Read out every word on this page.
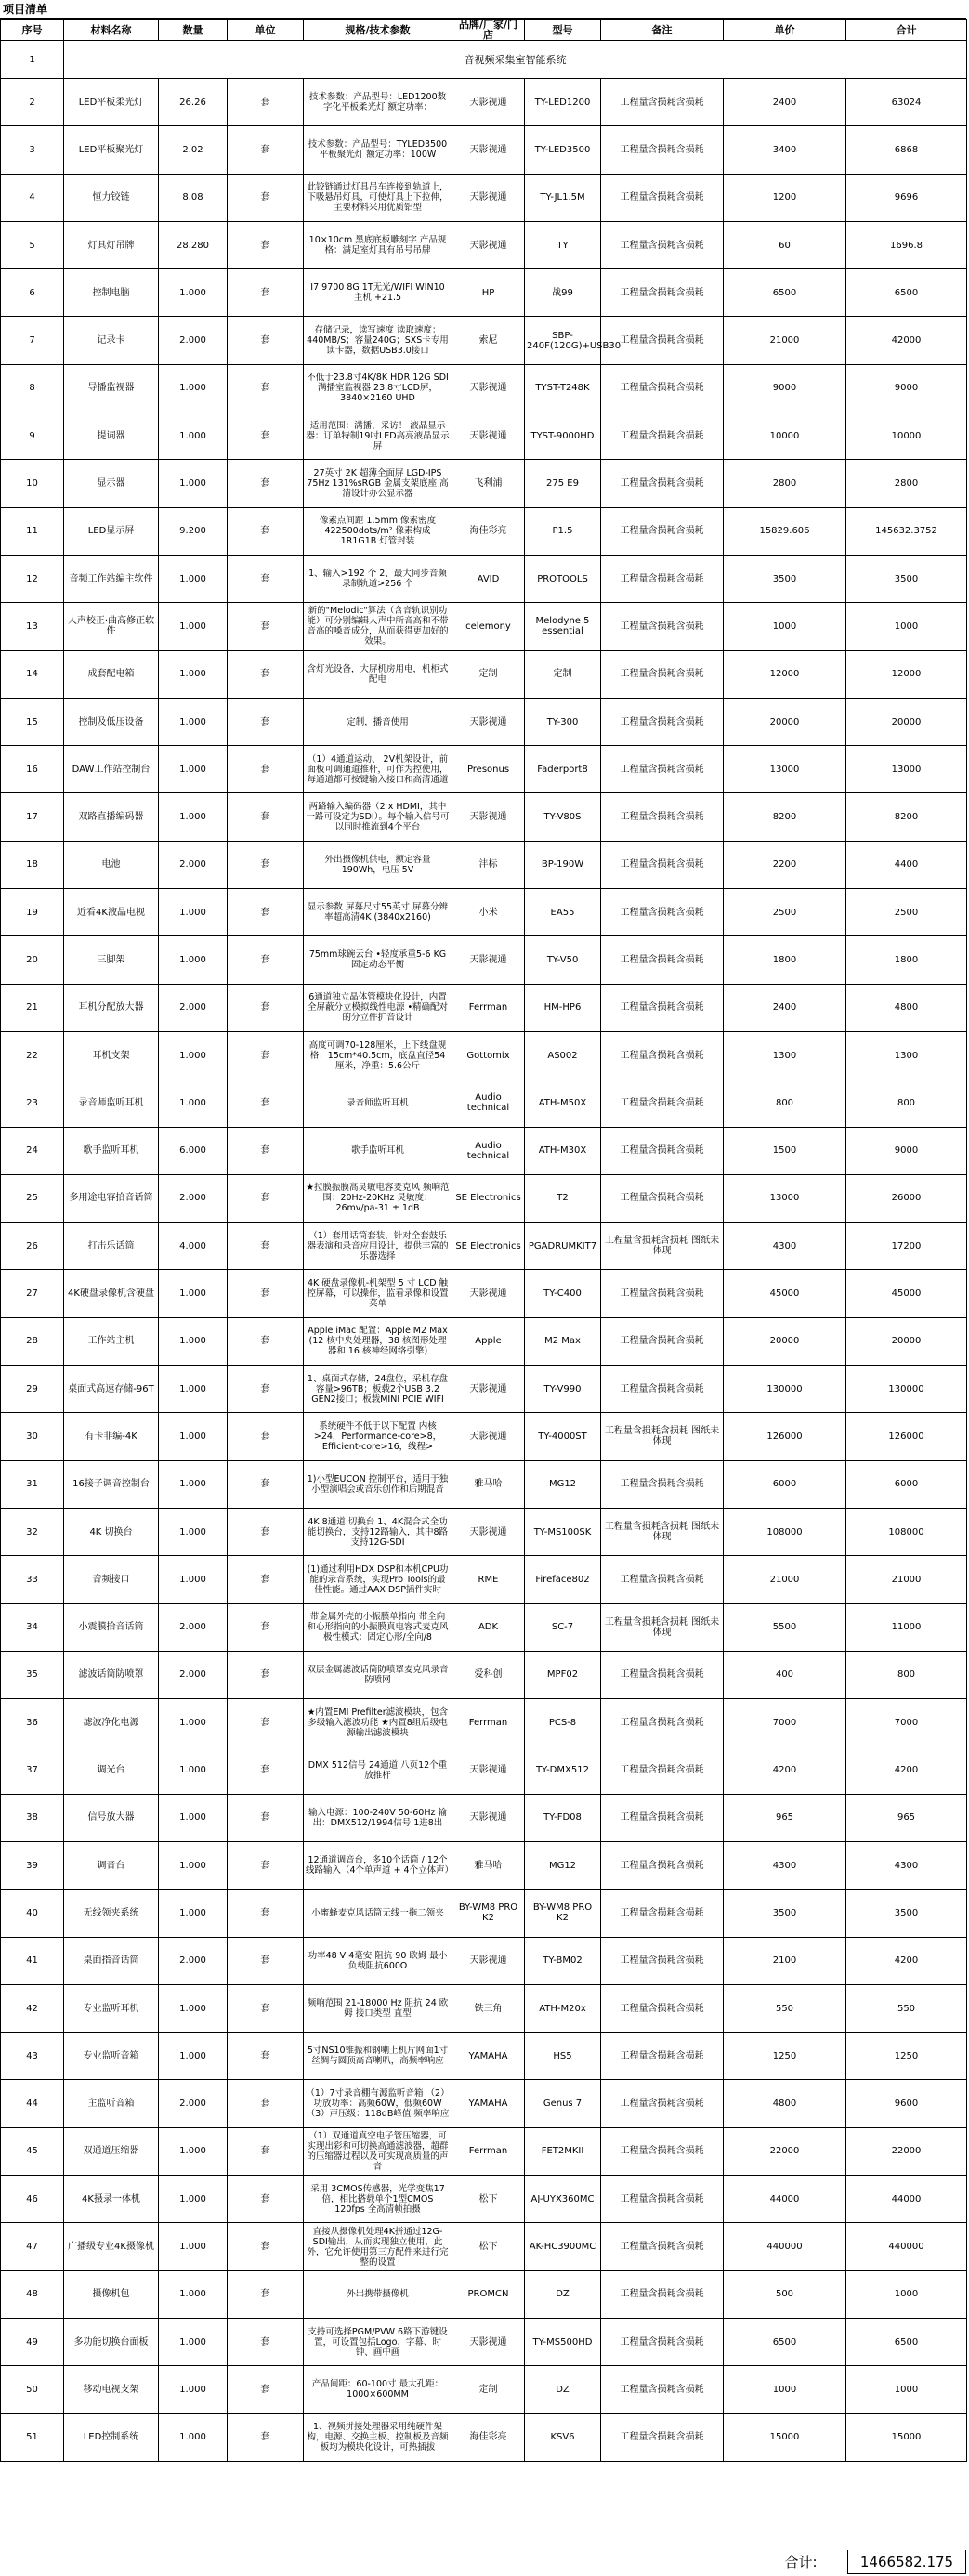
项目清单
序号	材料名称	数量	单位	规格/技术参数	品牌/厂家/门店	型号	备注	单价	合计
1	音视频采集室智能系统								

2	LED平板柔光灯	26.26	套	技术参数：产品型号：LED1200数字化平板柔光灯 额定功率：	天影视通	TY-LED1200	工程量含损耗含损耗	2400	63024

3	LED平板聚光灯	2.02	套	技术参数：产品型号：TYLED3500平板聚光灯 额定功率：100W	天影视通	TY-LED3500	工程量含损耗含损耗	3400	6868

4	恒力铰链	8.08	套	此铰链通过灯具吊车连接到轨道上，下吸悬吊灯具，可使灯具上下拉伸，主要材料采用优质铝型	天影视通	TY-JL1.5M	工程量含损耗含损耗	1200	9696

5	灯具灯吊牌	28.280	套	10×10cm 黑底底板雕刻字 产品规格：满足室灯具有吊号吊牌	天影视通	TY	工程量含损耗含损耗	60	1696.8

6	控制电脑	1.000	套	I7 9700 8G 1T无光/WIFI WIN10 主机 +21.5	HP	战99	工程量含损耗含损耗	6500	6500

7	记录卡	2.000	套	存储记录，读写速度 读取速度：440MB/S；容量240G；SXS卡专用读卡器，数据USB3.0接口	索尼	SBP-240F(120G)+USB30	工程量含损耗含损耗	21000	42000

8	导播监视器	1.000	套	不低于23.8寸4K/8K HDR 12G SDI 满播室监视器 23.8寸LCD屏，3840×2160 UHD	天影视通	TYST-T248K	工程量含损耗含损耗	9000	9000

9	提词器	1.000	套	适用范围：满播，采访！ 液晶显示器：订单特制19吋LED高亮液晶显示屏	天影视通	TYST-9000HD	工程量含损耗含损耗	10000	10000

10	显示器	1.000	套	27英寸 2K 超薄全面屏 LGD-IPS 75Hz 131%sRGB 金属支架底座 高清设计办公显示器	飞利浦	275 E9	工程量含损耗含损耗	2800	2800

11	LED显示屏	9.200	套	像素点间距 1.5mm 像素密度 422500dots/m² 像素构成 1R1G1B 灯管封装	海佳彩亮	P1.5	工程量含损耗含损耗	15829.606	145632.3752

12	音频工作站编主软件	1.000	套	1、输入>192 个 2、最大同步音频录制轨道>256 个	AVID	PROTOOLS	工程量含损耗含损耗	3500	3500

13	人声校正·曲高修正软件	1.000	套	新的"Melodic"算法（含音轨识别功能）可分别编辑人声中所音高和不带音高的嗓音成分，从而获得更加好的效果。	celemony	Melodyne 5 essential	工程量含损耗含损耗	1000	1000

14	成套配电箱	1.000	套	含灯光设备，大屏机房用电，机柜式配电	定制	定制	工程量含损耗含损耗	12000	12000

15	控制及低压设备	1.000	套	定制，播音使用	天影视通	TY-300	工程量含损耗含损耗	20000	20000

16	DAW工作站控制台	1.000	套	（1）4通道运动、 2V机架设计，前面板可调通道推杆，可作为控使用，每通道都可按键输入接口和高清通道	Presonus	Faderport8	工程量含损耗含损耗	13000	13000

17	双路直播编码器	1.000	套	两路输入编码器（2 x HDMI，其中一路可设定为SDI）。每个输入信号可以同时推流到4个平台	天影视通	TY-V80S	工程量含损耗含损耗	8200	8200

18	电池	2.000	套	外出摄像机供电，额定容量 190Wh，电压 5V	沣标	BP-190W	工程量含损耗含损耗	2200	4400

19	近看4K液晶电视	1.000	套	显示参数 屏幕尺寸55英寸 屏幕分辨率超高清4K (3840x2160)	小米	EA55	工程量含损耗含损耗	2500	2500

20	三脚架	1.000	套	75mm球碗云台 •轻度承重5-6 KG 固定动态平衡	天影视通	TY-V50	工程量含损耗含损耗	1800	1800

21	耳机分配放大器	2.000	套	6通道独立晶体管模块化设计，内置全屏蔽分立模拟线性电源 •精确配对的分立件扩音设计	Ferrman	HM-HP6	工程量含损耗含损耗	2400	4800

22	耳机支架	1.000	套	高度可调70-128厘米，上下线盘规格：15cm*40.5cm，底盘直径54厘米，净重：5.6公斤	Gottomix	AS002	工程量含损耗含损耗	1300	1300

23	录音师监听耳机	1.000	套	录音师监听耳机	Audio technical	ATH-M50X	工程量含损耗含损耗	800	800

24	歌手监听耳机	6.000	套	歌手监听耳机	Audio technical	ATH-M30X	工程量含损耗含损耗	1500	9000

25	多用途电容拾音话筒	2.000	套	★拉膜振膜高灵敏电容麦克风 频响范围：20Hz-20KHz 灵敏度：26mv/pa-31 ± 1dB	SE Electronics	T2	工程量含损耗含损耗	13000	26000

26	打击乐话筒	4.000	套	（1）套用话筒套装，针对全套鼓乐器表演和录音应用设计，提供丰富的乐器选择	SE Electronics	PGADRUMKIT7	工程量含损耗含损耗 图纸未体现	4300	17200

27	4K硬盘录像机含硬盘	1.000	套	4K 硬盘录像机-机架型 5 寸 LCD 触控屏幕，可以操作，监看录像和设置菜单	天影视通	TY-C400	工程量含损耗含损耗	45000	45000

28	工作站主机	1.000	套	Apple iMac 配置：Apple M2 Max (12 核中央处理器，38 核图形处理器和 16 核神经网络引擎)	Apple	M2 Max	工程量含损耗含损耗	20000	20000

29	桌面式高速存储-96T	1.000	套	1、桌面式存储，24盘位，采机存盘容量>96TB；板载2个USB 3.2 GEN2接口；板载MINI PCIE WIFI	天影视通	TY-V990	工程量含损耗含损耗	130000	130000

30	有卡非编-4K	1.000	套	系统硬件不低于以下配置 内核>24，Performance-core>8，Efficient-core>16，线程>	天影视通	TY-4000ST	工程量含损耗含损耗 图纸未体现	126000	126000

31	16接子调音控制台	1.000	套	1)小型EUCON 控制平台，适用于独小型演唱会或音乐创作和后期混音	雅马哈	MG12	工程量含损耗含损耗	6000	6000

32	4K 切换台	1.000	套	4K 8通道 切换台 1、4K混合式全功能切换台，支持12路输入，其中8路支持12G-SDI	天影视通	TY-MS100SK	工程量含损耗含损耗 图纸未体现	108000	108000

33	音频接口	1.000	套	(1)通过利用HDX DSP和本机CPU功能的录音系统，实现Pro Tools的最佳性能。通过AAX DSP插件实时	RME	Fireface802	工程量含损耗含损耗	21000	21000

34	小震膜拾音话筒	2.000	套	带金属外壳的小振膜单指向 带全向和心形指向的小振膜真电容式麦克风 极性模式：固定心形/全向/8	ADK	SC-7	工程量含损耗含损耗 图纸未体现	5500	11000

35	滤波话筒防喷罩	2.000	套	双层金属滤波话筒防喷罩麦克风录音防喷网	爱科创	MPF02	工程量含损耗含损耗	400	800

36	滤波净化电源	1.000	套	★内置EMI Prefilter滤波模块，包含多级输入滤波功能 ★内置8组后级电源输出滤波模块	Ferrman	PCS-8	工程量含损耗含损耗	7000	7000

37	调光台	1.000	套	DMX 512信号 24通道 八页12个重放推杆	天影视通	TY-DMX512	工程量含损耗含损耗	4200	4200

38	信号放大器	1.000	套	输入电源：100-240V 50-60Hz 输出：DMX512/1994信号 1进8出	天影视通	TY-FD08	工程量含损耗含损耗	965	965

39	调音台	1.000	套	12通道调音台，多10个话筒 / 12个线路输入（4个单声道 + 4个立体声）	雅马哈	MG12	工程量含损耗含损耗	4300	4300

40	无线领夹系统	1.000	套	小蜜蜂麦克风话筒无线一拖二领夹	BY-WM8 PRO K2	BY-WM8 PRO K2	工程量含损耗含损耗	3500	3500

41	桌面指音话筒	2.000	套	功率48 V 4毫安 阻抗 90 欧姆 最小负载阻抗600Ω	天影视通	TY-BM02	工程量含损耗含损耗	2100	4200

42	专业监听耳机	1.000	套	频响范围 21-18000 Hz 阻抗 24 欧姆 接口类型 直型	铁三角	ATH-M20x	工程量含损耗含损耗	550	550

43	专业监听音箱	1.000	套	5寸NS10锥振和钢喇上机片网面1寸丝绸与圆顶高音喇叭，高频率响应	YAMAHA	HS5	工程量含损耗含损耗	1250	1250

44	主监听音箱	2.000	套	（1）7寸录音棚有源监听音箱 （2）功放功率：高频60W，低频60W （3）声压级：118dB峰值 频率响应	YAMAHA	Genus 7	工程量含损耗含损耗	4800	9600

45	双通道压缩器	1.000	套	（1）双通道真空电子管压缩器，可实现出彩和可切换高通滤波器，超群的压缩器过程以及可实现高质量的声音	Ferrman	FET2MKII	工程量含损耗含损耗	22000	22000

46	4K摄录一体机	1.000	套	采用 3CMOS传感器，光学变焦17倍，相比搭载单个1型CMOS 120fps 全高清帧拍摄	松下	AJ-UYX360MC	工程量含损耗含损耗	44000	44000

47	广播级专业4K摄像机	1.000	套	直接从摄像机处理4K拼通过12G-SDI输出，从而实现独立使用，此外，它允许使用第三方配件来进行完整的设置	松下	AK-HC3900MC	工程量含损耗含损耗	440000	440000

48	摄像机包	1.000	套	外出携带摄像机	PROMCN	DZ	工程量含损耗含损耗	500	1000

49	多功能切换台面板	1.000	套	支持可选择PGM/PVW 6路下游键设置，可设置包括Logo、字幕、时钟、画中画	天影视通	TY-MS500HD	工程量含损耗含损耗	6500	6500

50	移动电视支架	1.000	套	产品间距：60-100寸 最大孔距：1000×600MM	定制	DZ	工程量含损耗含损耗	1000	1000

51	LED控制系统	1.000	套	1、视频拼接处理器采用纯硬件架构，电源、交换主板、控制板及音频板均为模块化设计，可热插拔	海佳彩亮	KSV6	工程量含损耗含损耗	15000	15000
合计:	1466582.175
